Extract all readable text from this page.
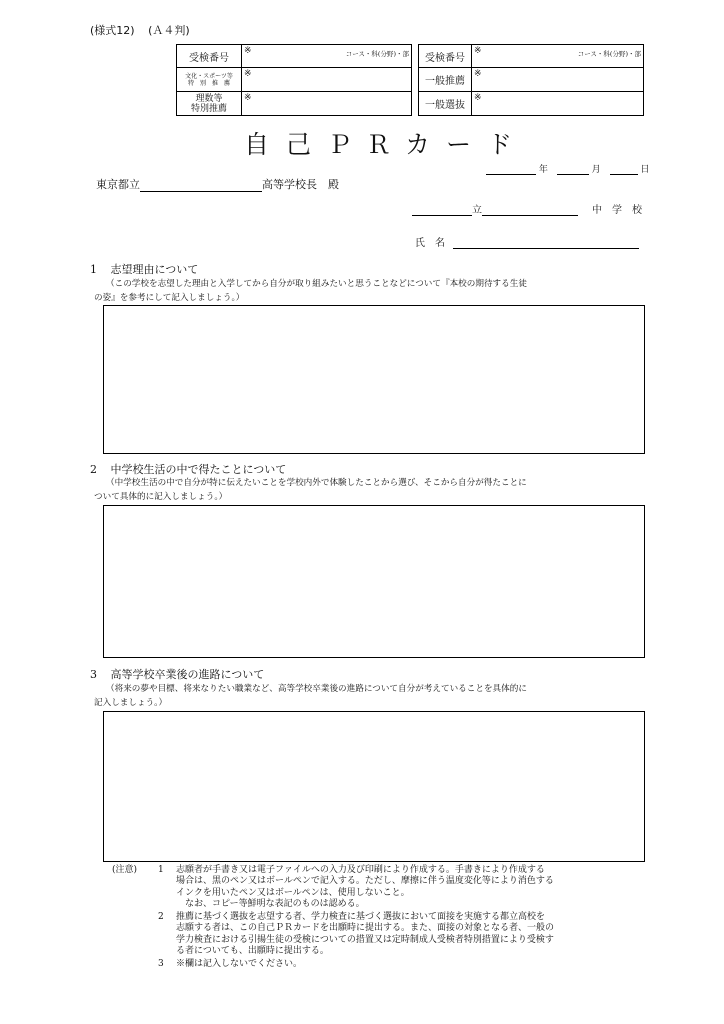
(様式12) (Ａ４判)
受検番号	※ コース・科(分野)・部

文化・スポーツ等
特　別　推　薦	※

理数等
特別推薦	※
受検番号	※ コース・科(分野)・部

一般推薦	※

一般選抜	※
自 己 Ｐ Ｒ カ ー ド
年	月	日
東京都立	高等学校長　殿
立	中　学　校
氏　名
1 志望理由について
（この学校を志望した理由と入学してから自分が取り組みたいと思うことなどについて『本校の期待する生徒
の姿』を参考にして記入しましょう。）
2 中学校生活の中で得たことについて
（中学校生活の中で自分が特に伝えたいことを学校内外で体験したことから選び、そこから自分が得たことに
ついて具体的に記入しましょう。）
3 高等学校卒業後の進路について
（将来の夢や目標、将来なりたい職業など、高等学校卒業後の進路について自分が考えていることを具体的に
記入しましょう。）
(注意) 1 志願者が手書き又は電子ファイルへの入力及び印刷により作成する。手書きにより作成する
場合は、黒のペン又はボールペンで記入する。ただし、摩擦に伴う温度変化等により消色する
インクを用いたペン又はボールペンは、使用しないこと。
　なお、コピー等鮮明な表記のものは認める。
2 推薦に基づく選抜を志望する者、学力検査に基づく選抜において面接を実施する都立高校を
志願する者は、この自己ＰＲカードを出願時に提出する。また、面接の対象となる者、一般の
学力検査における引揚生徒の受検についての措置又は定時制成人受検者特別措置により受検す
る者についても、出願時に提出する。
3 ※欄は記入しないでください。
